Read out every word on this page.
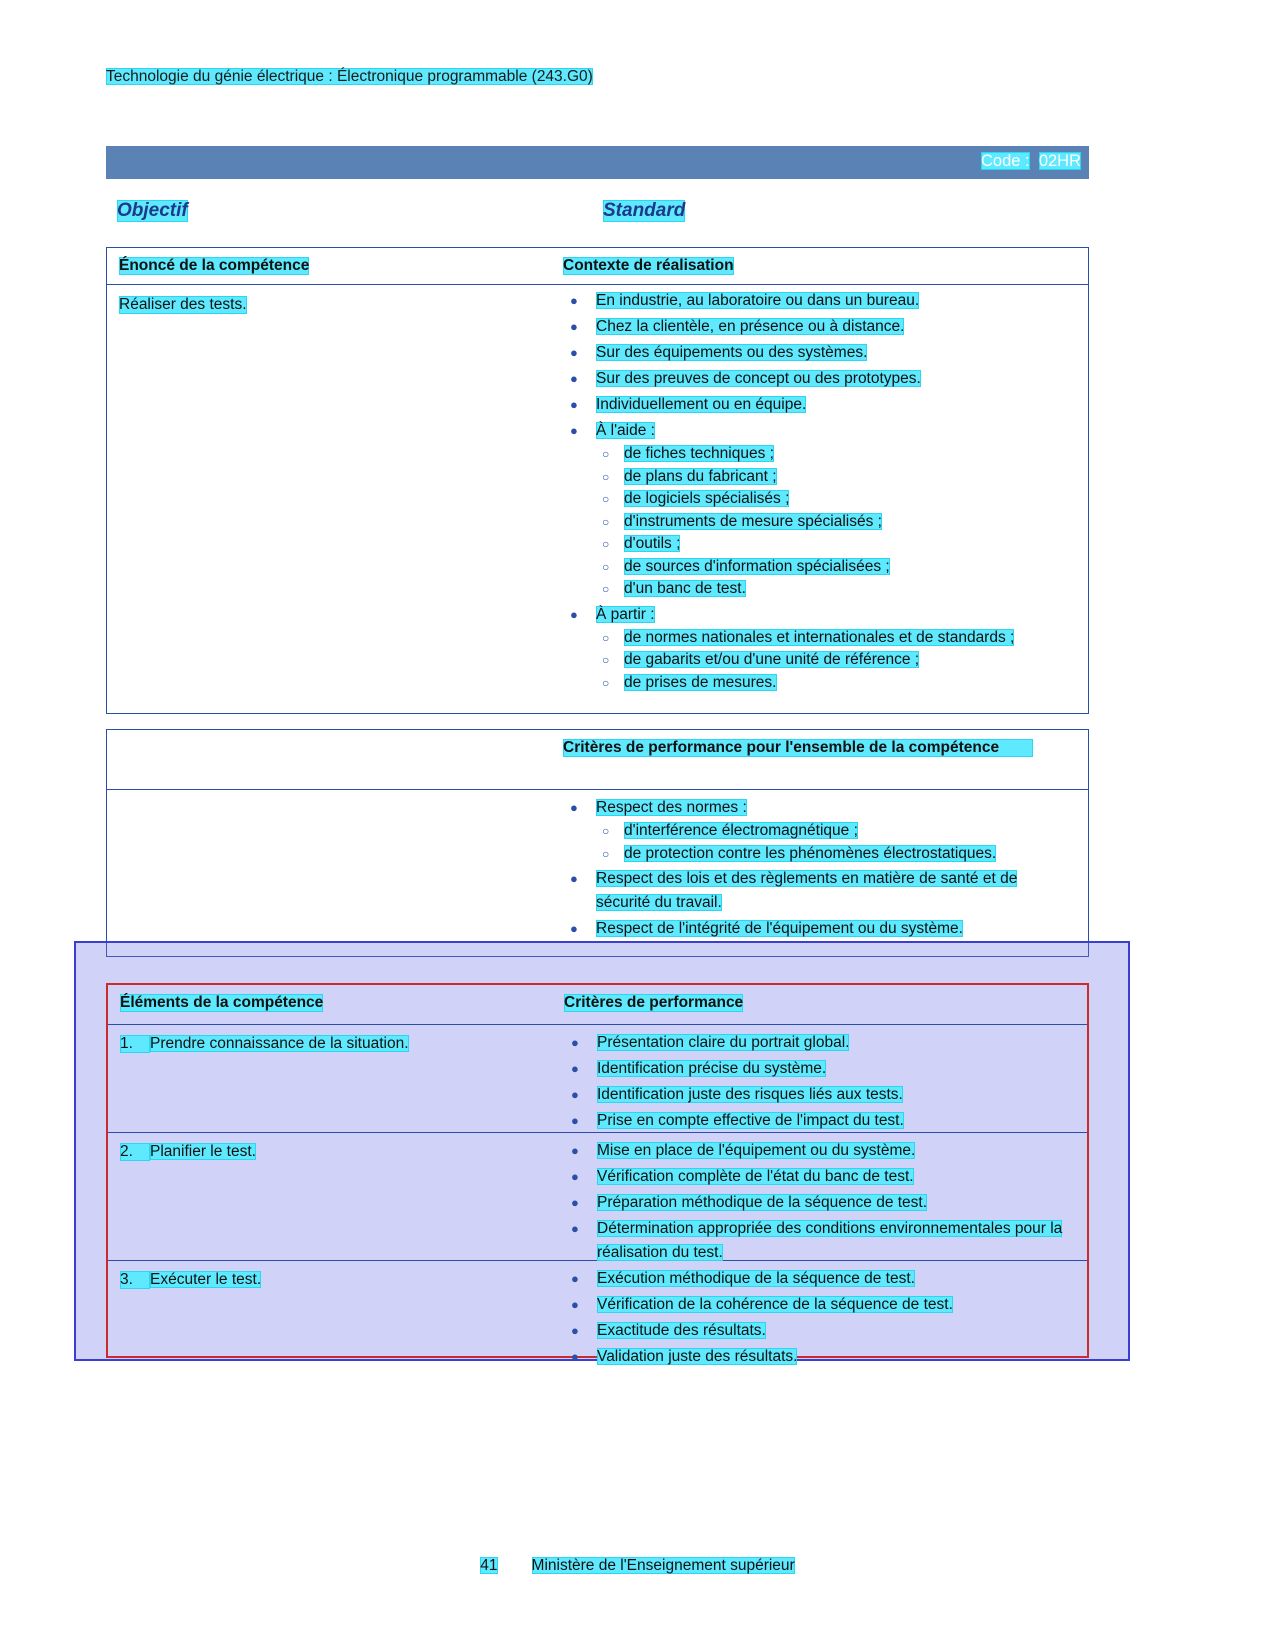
Technologie du génie électrique : Électronique programmable (243.G0)
Code : 02HR
Objectif	Standard
Énoncé de la compétence	Contexte de réalisation
Réaliser des tests.	● En industrie, au laboratoire ou dans un bureau.
● Chez la clientèle, en présence ou à distance.
● Sur des équipements ou des systèmes.
● Sur des preuves de concept ou des prototypes.
● Individuellement ou en équipe.
● À l'aide :
○ de fiches techniques ;
○ de plans du fabricant ;
○ de logiciels spécialisés ;
○ d'instruments de mesure spécialisés ;
○ d'outils ;
○ de sources d'information spécialisées ;
○ d'un banc de test.
● À partir :
○ de normes nationales et internationales et de standards ;
○ de gabarits et/ou d'une unité de référence ;
○ de prises de mesures.
Critères de performance pour l'ensemble de la compétence
● Respect des normes :
○ d'interférence électromagnétique ;
○ de protection contre les phénomènes électrostatiques.
● Respect des lois et des règlements en matière de santé et de sécurité du travail.
● Respect de l'intégrité de l'équipement ou du système.
Éléments de la compétence	Critères de performance
1. Prendre connaissance de la situation.	● Présentation claire du portrait global.
● Identification précise du système.
● Identification juste des risques liés aux tests.
● Prise en compte effective de l'impact du test.
2. Planifier le test.	● Mise en place de l'équipement ou du système.
● Vérification complète de l'état du banc de test.
● Préparation méthodique de la séquence de test.
● Détermination appropriée des conditions environnementales pour la réalisation du test.
3. Exécuter le test.	● Exécution méthodique de la séquence de test.
● Vérification de la cohérence de la séquence de test.
● Exactitude des résultats.
● Validation juste des résultats.
41 Ministère de l'Enseignement supérieur
